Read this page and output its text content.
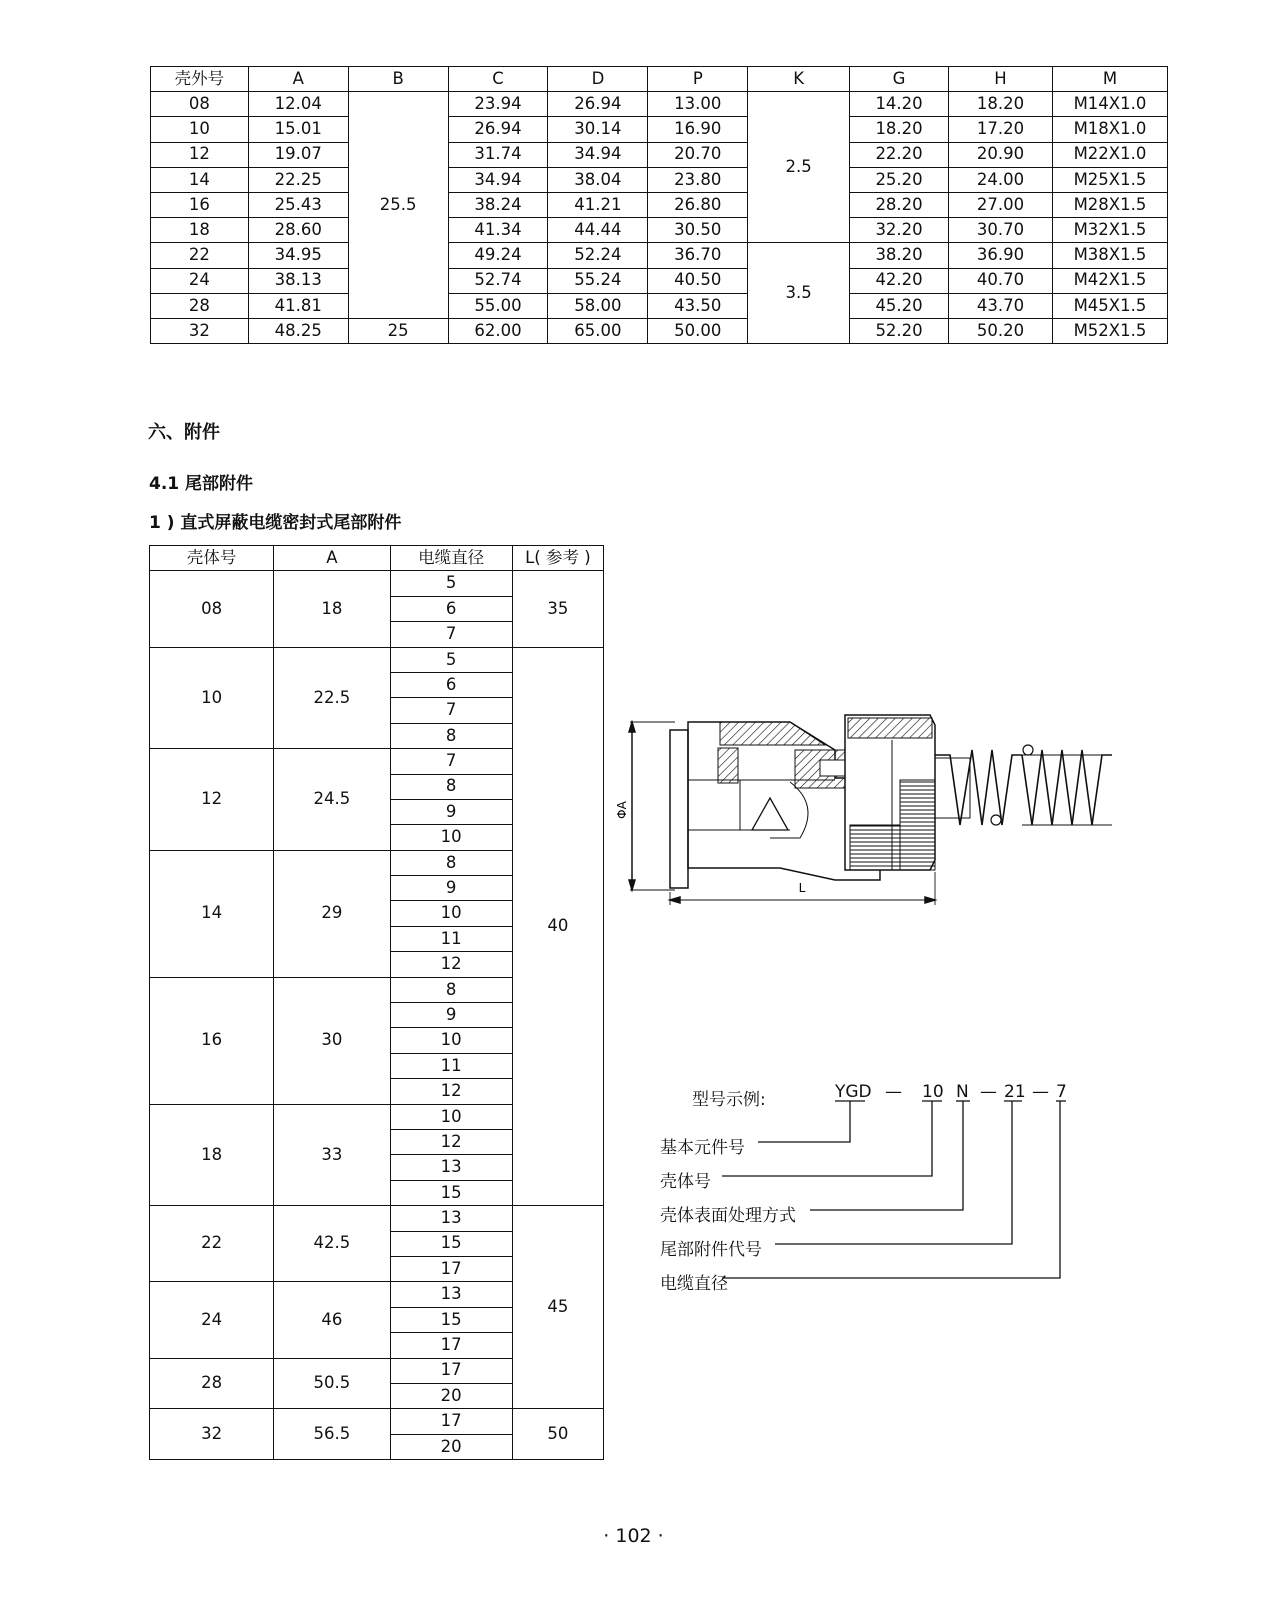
壳外号	A	B	C	D	P	K	G	H	M
08	12.04	25.5	23.94	26.94	13.00	2.5	14.20	18.20	M14X1.0
10	15.01		26.94	30.14	16.90		18.20	17.20	M18X1.0
12	19.07		31.74	34.94	20.70		22.20	20.90	M22X1.0
14	22.25		34.94	38.04	23.80		25.20	24.00	M25X1.5
16	25.43		38.24	41.21	26.80		28.20	27.00	M28X1.5
18	28.60		41.34	44.44	30.50		32.20	30.70	M32X1.5
22	34.95		49.24	52.24	36.70	3.5	38.20	36.90	M38X1.5
24	38.13		52.74	55.24	40.50		42.20	40.70	M42X1.5
28	41.81		55.00	58.00	43.50		45.20	43.70	M45X1.5
32	48.25	25	62.00	65.00	50.00		52.20	50.20	M52X1.5
六、附件
4.1 尾部附件
1 ) 直式屏蔽电缆密封式尾部附件
壳体号	A	电缆直径	L( 参考 )
08	18	5	35
		6	
		7	
10	22.5	5	40
		6	
		7	
		8	
12	24.5	7	
		8	
		9	
		10	
14	29	8	
		9	
		10	
		11	
		12	
16	30	8	
		9	
		10	
		11	
		12	
18	33	10	
		12	
		13	
		15	
22	42.5	13	45
		15	
		17	
24	46	13	
		15	
		17	
28	50.5	17	
		20	
32	56.5	17	50
		20	
ΦA
L
型号示例:	YGD — 10 N — 21 — 7
基本元件号
壳体号
壳体表面处理方式
尾部附件代号
电缆直径
· 102 ·
